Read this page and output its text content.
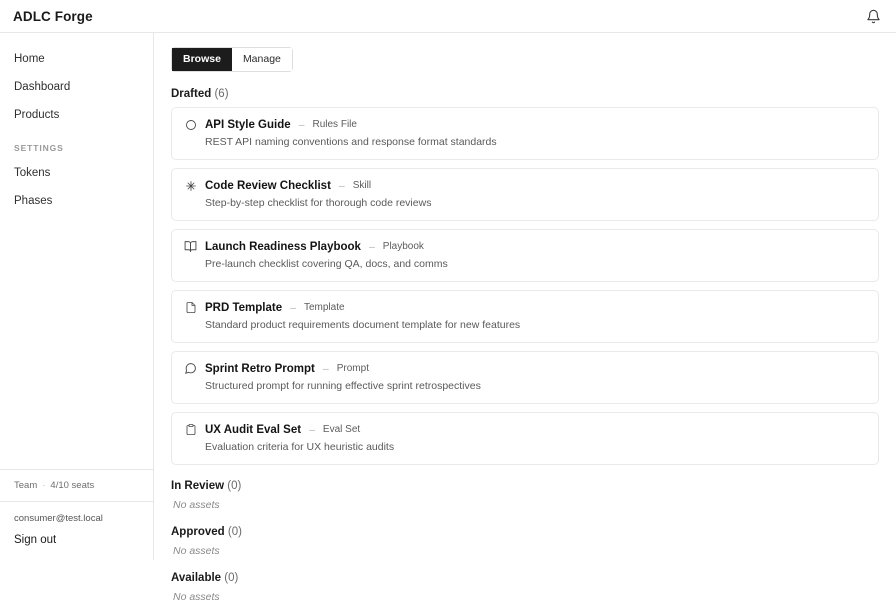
ADLC Forge
Home
Dashboard
Products
SETTINGS
Tokens
Phases
Team · 4/10 seats
consumer@test.local
Sign out
Browse	Manage
Drafted (6)
API Style Guide – Rules File
REST API naming conventions and response format standards
Code Review Checklist – Skill
Step-by-step checklist for thorough code reviews
Launch Readiness Playbook – Playbook
Pre-launch checklist covering QA, docs, and comms
PRD Template – Template
Standard product requirements document template for new features
Sprint Retro Prompt – Prompt
Structured prompt for running effective sprint retrospectives
UX Audit Eval Set – Eval Set
Evaluation criteria for UX heuristic audits
In Review (0)
No assets
Approved (0)
No assets
Available (0)
No assets
